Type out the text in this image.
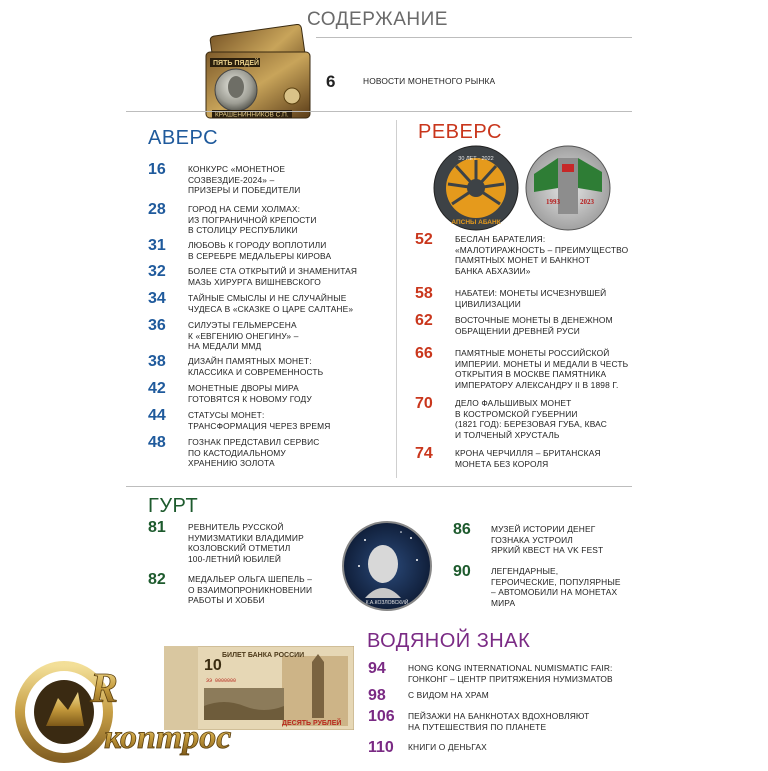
СОДЕРЖАНИЕ
ПЯТЬ ПЯДЕЙ
КРАШЕНИННИКОВ С.П.
6	НОВОСТИ МОНЕТНОГО РЫНКА
АВЕРС
16	КОНКУРС «МОНЕТНОЕ
СОЗВЕЗДИЕ-2024» –
ПРИЗЕРЫ И ПОБЕДИТЕЛИ
28	ГОРОД НА СЕМИ ХОЛМАХ:
ИЗ ПОГРАНИЧНОЙ КРЕПОСТИ
В СТОЛИЦУ РЕСПУБЛИКИ
31	ЛЮБОВЬ К ГОРОДУ ВОПЛОТИЛИ
В СЕРЕБРЕ МЕДАЛЬЕРЫ КИРОВА
32	БОЛЕЕ СТА ОТКРЫТИЙ И ЗНАМЕНИТАЯ
МАЗЬ ХИРУРГА ВИШНЕВСКОГО
34	ТАЙНЫЕ СМЫСЛЫ И НЕ СЛУЧАЙНЫЕ
ЧУДЕСА В «СКАЗКЕ О ЦАРЕ САЛТАНЕ»
36	СИЛУЭТЫ ГЕЛЬМЕРСЕНА
К «ЕВГЕНИЮ ОНЕГИНУ» –
НА МЕДАЛИ ММД
38	ДИЗАЙН ПАМЯТНЫХ МОНЕТ:
КЛАССИКА И СОВРЕМЕННОСТЬ
42	МОНЕТНЫЕ ДВОРЫ МИРА
ГОТОВЯТСЯ К НОВОМУ ГОДУ
44	СТАТУСЫ МОНЕТ:
ТРАНСФОРМАЦИЯ ЧЕРЕЗ ВРЕМЯ
48	ГОЗНАК ПРЕДСТАВИЛ СЕРВИС
ПО КАСТОДИАЛЬНОМУ
ХРАНЕНИЮ ЗОЛОТА
РЕВЕРС
30 ЛЕТ · 2022
АПСНЫ АБАНК
1993	2023
52	БЕСЛАН БАРАТЕЛИЯ:
«МАЛОТИРАЖНОСТЬ – ПРЕИМУЩЕСТВО
ПАМЯТНЫХ МОНЕТ И БАНКНОТ
БАНКА АБХАЗИИ»
58	НАБАТЕИ: МОНЕТЫ ИСЧЕЗНУВШЕЙ
ЦИВИЛИЗАЦИИ
62	ВОСТОЧНЫЕ МОНЕТЫ В ДЕНЕЖНОМ
ОБРАЩЕНИИ ДРЕВНЕЙ РУСИ
66	ПАМЯТНЫЕ МОНЕТЫ РОССИЙСКОЙ
ИМПЕРИИ. МОНЕТЫ И МЕДАЛИ В ЧЕСТЬ
ОТКРЫТИЯ В МОСКВЕ ПАМЯТНИКА
ИМПЕРАТОРУ АЛЕКСАНДРУ II В 1898 Г.
70	ДЕЛО ФАЛЬШИВЫХ МОНЕТ
В КОСТРОМСКОЙ ГУБЕРНИИ
(1821 ГОД): БЕРЕЗОВАЯ ГУБА, КВАС
И ТОЛЧЕНЫЙ ХРУСТАЛЬ
74	КРОНА ЧЕРЧИЛЛЯ – БРИТАНСКАЯ
МОНЕТА БЕЗ КОРОЛЯ
ГУРТ
81	РЕВНИТЕЛЬ РУССКОЙ
НУМИЗМАТИКИ ВЛАДИМИР
КОЗЛОВСКИЙ ОТМЕТИЛ
100-ЛЕТНИЙ ЮБИЛЕЙ
82	МЕДАЛЬЕР ОЛЬГА ШЕПЕЛЬ –
О ВЗАИМОПРОНИКНОВЕНИИ
РАБОТЫ И ХОББИ	К.А.КОЗЛОВСКИЙ
86 МУЗЕЙ ИСТОРИИ ДЕНЕГ
ГОЗНАКА УСТРОИЛ
ЯРКИЙ КВЕСТ НА VK FEST
90 ЛЕГЕНДАРНЫЕ,
ГЕРОИЧЕСКИЕ, ПОПУЛЯРНЫЕ
– АВТОМОБИЛИ НА МОНЕТАХ
МИРА
ВОДЯНОЙ ЗНАК
БИЛЕТ БАНКА РОССИИ
10
ЭЭ 0000000
ДЕСЯТЬ РУБЛЕЙ
94	HONG KONG INTERNATIONAL NUMISMATIC FAIR:
ГОНКОНГ – ЦЕНТР ПРИТЯЖЕНИЯ НУМИЗМАТОВ
98	С ВИДОМ НА ХРАМ
106 ПЕЙЗАЖИ НА БАНКНОТАХ ВДОХНОВЛЯЮТ
НА ПУТЕШЕСТВИЯ ПО ПЛАНЕТЕ
110 КНИГИ О ДЕНЬГАХ
R
коптрос
